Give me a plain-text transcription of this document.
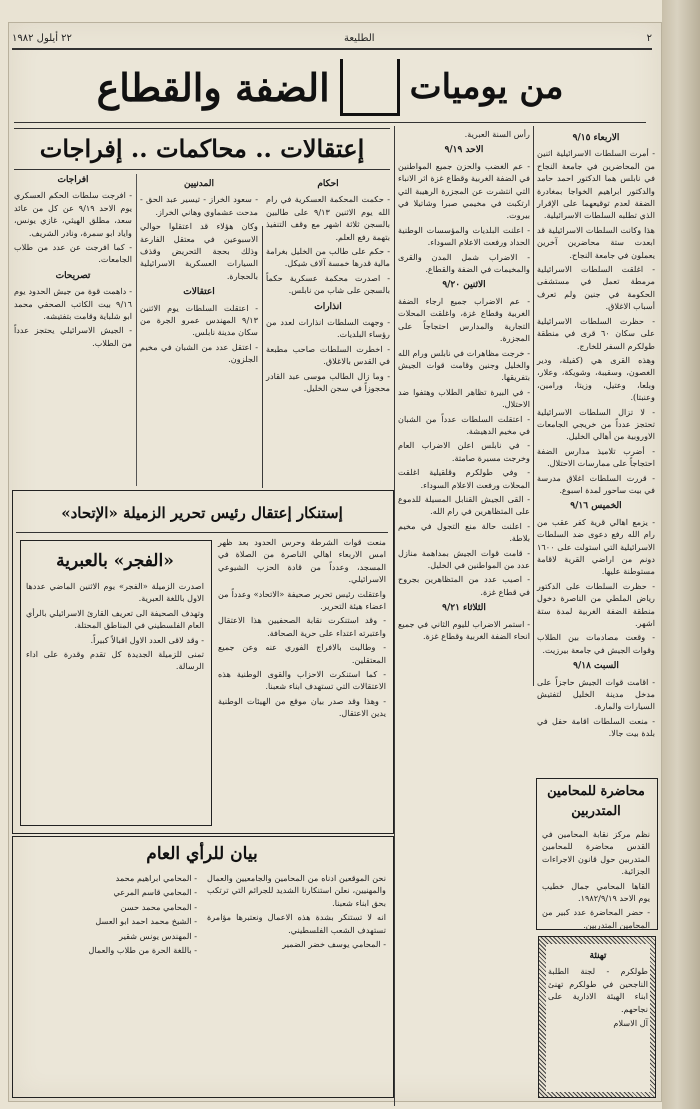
٢
الطليعة
٢٢ أيلول ١٩٨٢
من يوميات
الضفة والقطاع
الاربعاء ٩/١٥

- أمرت السلطات الاسرائيلية اثنين من المحاضرين في جامعة النجاح في نابلس هما الدكتور احمد حامد والدكتور ابراهيم الخواجا بمغادرة الضفة لعدم توقيعهما على الإقرار الذي تطلبه السلطات الاسرائيلية.

هذا وكانت السلطات الاسرائيلية قد ابعدت ستة محاضرين آخرين يعملون في جامعة النجاح.

- اغلقت السلطات الاسرائيلية مرمطة تعمل في مستشفى الحكومة في جنين ولم تعرف أسباب الاغلاق.

- حظرت السلطات الاسرائيلية على سكان ٦٠ قرى في منطقة طولكرم السفر للخارج.

وهذه القرى هي (كفيلة، ودير الغصون، وسقيبة، وشويكة، وعلار، وبلعا، وعتيل، وزيتا، ورامين، وعنبتا).

- لا تزال السلطات الاسرائيلية تحتجز عدداً من خريجي الجامعات الاوروبية من أهالي الخليل.

- أضرب تلاميذ مدارس الضفة احتجاجاً على ممارسات الاحتلال.

- قررت السلطات اغلاق مدرسة في بيت ساحور لمدة اسبوع.

الخميس ٩/١٦

- يزمع اهالي قرية كفر عقب من رام الله رفع دعوى ضد السلطات الاسرائيلية التي استولت على ١٦٠٠ دونم من اراضي القرية لاقامة مستوطنة عليها.

- حظرت السلطات على الدكتور رياض الملطي من الناصرة دخول منطقة الضفة الغربية لمدة ستة اشهر.

- وقعت مصادمات بين الطلاب وقوات الجيش في جامعة بيرزيت.

السبت ٩/١٨

- اقامت قوات الجيش حاجزاً على مدخل مدينة الخليل لتفتيش السيارات والمارة.

- منعت السلطات اقامة حفل في بلدة بيت جالا.

رأس السنة العبرية.

الاحد ٩/١٩

- عم الغضب والحزن جميع المواطنين في الضفة الغربية وقطاع غزة اثر الانباء التي انتشرت عن المجزرة الرهيبة التي ارتكبت في مخيمي صبرا وشاتيلا في بيروت.

- اعلنت البلديات والمؤسسات الوطنية الحداد ورفعت الاعلام السوداء.

- الاضراب شمل المدن والقرى والمخيمات في الضفة والقطاع.

الاثنين ٩/٢٠

- عم الاضراب جميع ارجاء الضفة الغربية وقطاع غزة، واغلقت المحلات التجارية والمدارس احتجاجاً على المجزرة.

- خرجت مظاهرات في نابلس ورام الله والخليل وجنين وقامت قوات الجيش بتفريقها.

- في البيرة تظاهر الطلاب وهتفوا ضد الاحتلال.

- اعتقلت السلطات عدداً من الشبان في مخيم الدهيشة.

- في نابلس اعلن الاضراب العام وخرجت مسيرة صامتة.

- وفي طولكرم وقلقيلية اغلقت المحلات ورفعت الاعلام السوداء.

- القى الجيش القنابل المسيلة للدموع على المتظاهرين في رام الله.

- اعلنت حالة منع التجول في مخيم بلاطة.

- قامت قوات الجيش بمداهمة منازل عدد من المواطنين في الخليل.

- اصيب عدد من المتظاهرين بجروح في قطاع غزة.

الثلاثاء ٩/٢١

- استمر الاضراب لليوم الثاني في جميع انحاء الضفة الغربية وقطاع غزة.

إعتقالات .. محاكمات .. إفراجات
احكام

- حكمت المحكمة العسكرية في رام الله يوم الاثنين ٩/١٣ على طالبين بالسجن ثلاثة اشهر مع وقف التنفيذ بتهمة رفع العلم.

- حكم على طالب من الخليل بغرامة مالية قدرها خمسة آلاف شيكل.

- اصدرت محكمة عسكرية حكماً بالسجن على شاب من نابلس.

انذارات

- وجهت السلطات انذارات لعدد من رؤساء البلديات.

- اخطرت السلطات صاحب مطبعة في القدس بالاغلاق.

- وما زال الطالب موسى عبد القادر محجوزاً في سجن الخليل.

المدنيين

- سعود الخراز - تيسير عبد الحق - مدحت عشماوي وهاني الخراز.

وكان هؤلاء قد اعتقلوا حوالي الاسبوعين في معتقل الفارعة وذلك بحجة التحريض وقذف السيارات العسكرية الاسرائيلية بالحجارة.

اعتقالات

- اعتقلت السلطات يوم الاثنين ٩/١٣ المهندس عمرو الجرة من سكان مدينة نابلس.

- اعتقل عدد من الشبان في مخيم الجلزون.

افراجات

- افرجت سلطات الحكم العسكري يوم الاحد ٩/١٩ عن كل من عائد سعد، مطلق الهيثي، غازي يونس، واياد ابو سمرة، ونادر الشريف.

- كما افرجت عن عدد من طلاب الجامعات.

تصريحات

- داهمت قوة من جيش الحدود يوم ٩/١٦ بيت الكاتب الصحفي محمد ابو شلباية وقامت بتفتيشه.

- الجيش الاسرائيلي يحتجز عدداً من الطلاب.

إستنكار إعتقال رئيس تحرير الزميلة «الإتحاد»

منعت قوات الشرطة وحرس الحدود بعد ظهر امس الاربعاء اهالي الناصرة من الصلاة في المسجد، وعدداً من قادة الحزب الشيوعي الاسرائيلي.

واعتقلت رئيس تحرير صحيفة «الاتحاد» وعدداً من اعضاء هيئة التحرير.

- وقد استنكرت نقابة الصحفيين هذا الاعتقال واعتبرته اعتداء على حرية الصحافة.

- وطالبت بالافراج الفوري عنه وعن جميع المعتقلين.

- كما استنكرت الاحزاب والقوى الوطنية هذه الاعتقالات التي تستهدف ابناء شعبنا.

- وهذا وقد صدر بيان موقع من الهيئات الوطنية يدين الاعتقال.

«الفجر» بالعبرية

اصدرت الزميلة «الفجر» يوم الاثنين الماضي عددها الاول باللغة العبرية.

وتهدف الصحيفة الى تعريف القارئ الاسرائيلي بالرأي العام الفلسطيني في المناطق المحتلة.

- وقد لاقى العدد الاول اقبالاً كبيراً.

تمنى للزميلة الجديدة كل تقدم وقدرة على اداء الرسالة.

بيان للرأي العام

نحن الموقعين ادناه من المحامين والجامعيين والعمال والمهنيين، نعلن استنكارنا الشديد للجرائم التي ترتكب بحق ابناء شعبنا.

انه لا تستنكر بشدة هذه الاعمال ونعتبرها مؤامرة تستهدف الشعب الفلسطيني.

- المحامي يوسف خضر الضمير

- المحامي ابراهيم محمد

- المحامي قاسم المرعي

- المحامي محمد حسن

- الشيخ محمد احمد ابو العسل

- المهندس يونس شقير

- باللغة الحرة من طلاب والعمال

محاضرة للمحامين المتدربين

نظم مركز نقابة المحامين في القدس محاضرة للمحامين المتدربين حول قانون الاجراءات الجزائية.

القاها المحامي جمال خطيب يوم الاحد ١٩٨٢/٩/١٩.

- حضر المحاضرة عدد كبير من المحامين المتدربين.

تهنئة

طولكرم - لجنة الطلبة الناجحين في طولكرم تهنئ ابناء الهيئة الادارية على نجاحهم.

آل الاسلام
